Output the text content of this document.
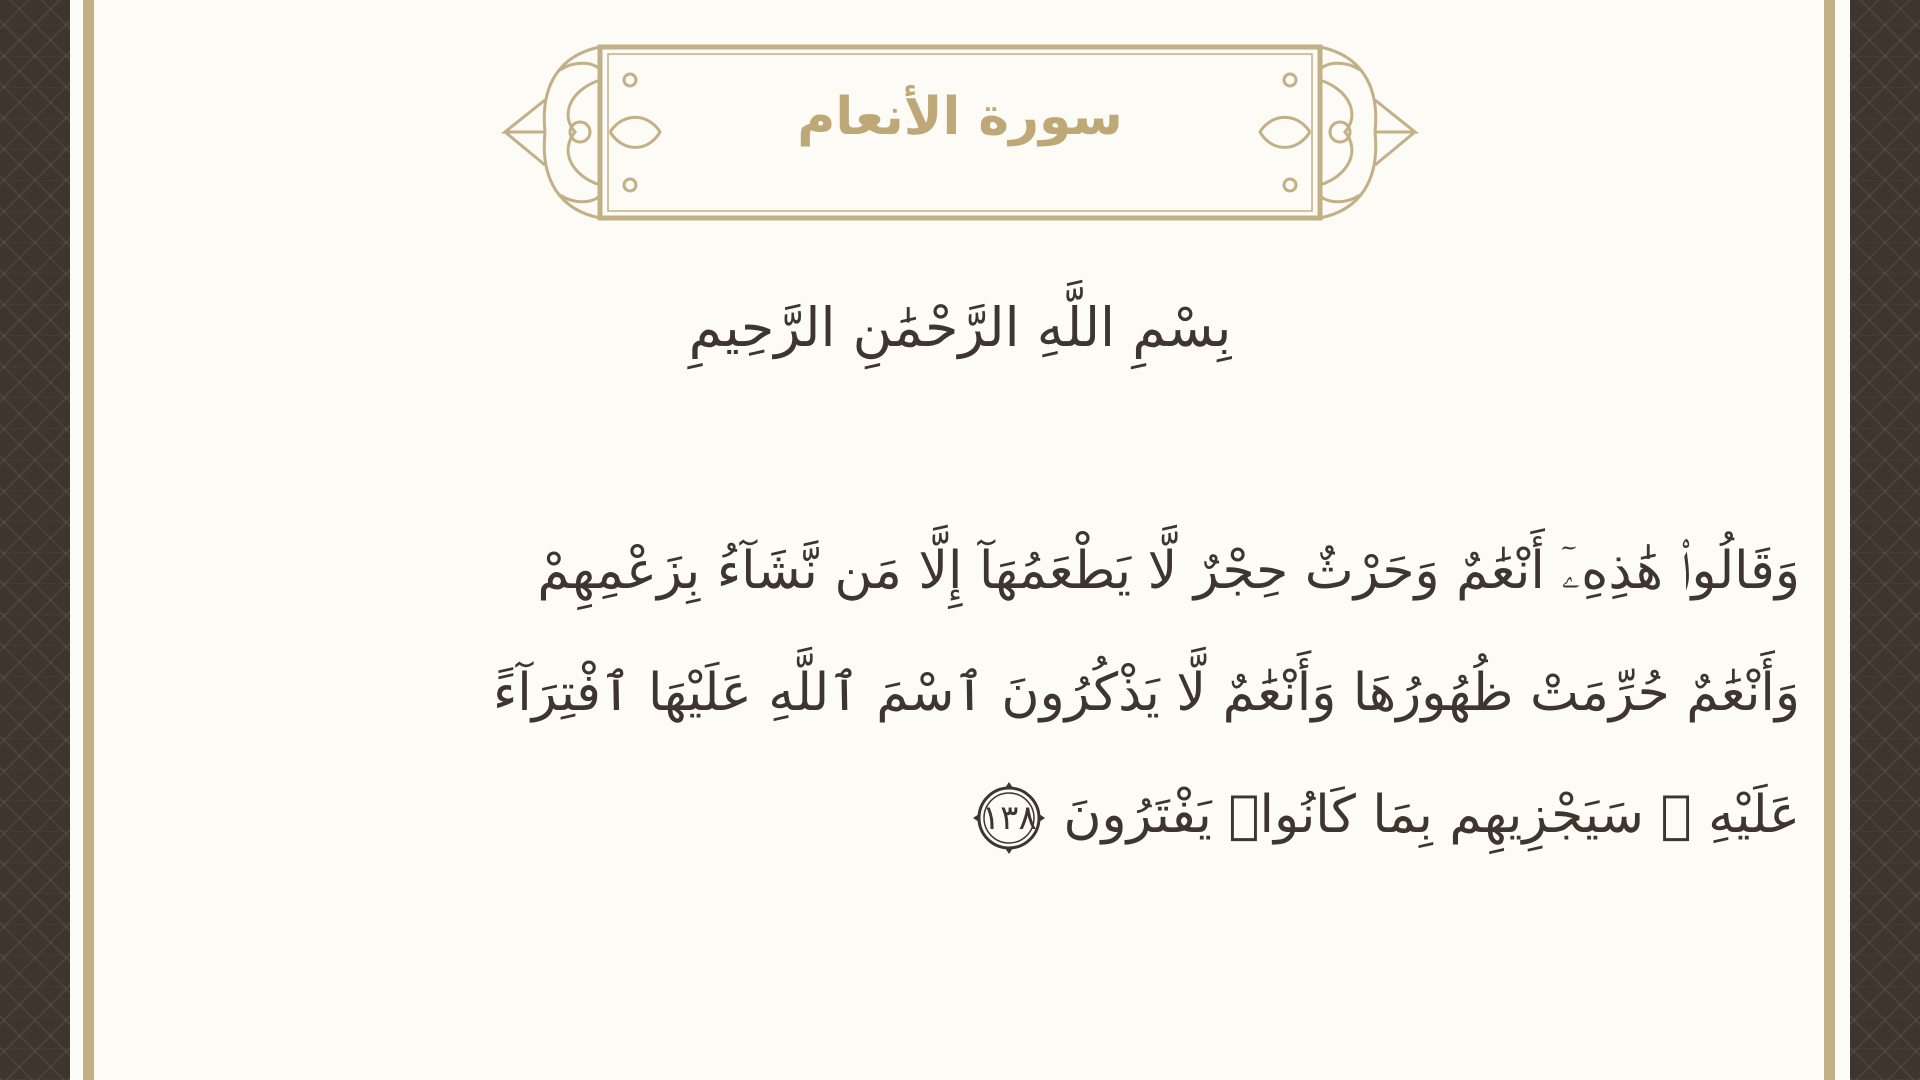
سورة الأنعام
بِسْمِ اللَّهِ الرَّحْمَٰنِ الرَّحِيمِ
وَقَالُوا۟ هَٰذِهِۦٓ أَنْعَٰمٌ وَحَرْثٌ حِجْرٌ لَّا يَطْعَمُهَآ إِلَّا مَن نَّشَآءُ بِزَعْمِهِمْ
وَأَنْعَٰمٌ حُرِّمَتْ ظُهُورُهَا وَأَنْعَٰمٌ لَّا يَذْكُرُونَ ٱسْمَ ٱللَّهِ عَلَيْهَا ٱفْتِرَآءً
عَلَيْهِ ۚ سَيَجْزِيهِم بِمَا كَانُوا۟ يَفْتَرُونَ
١٣٨
